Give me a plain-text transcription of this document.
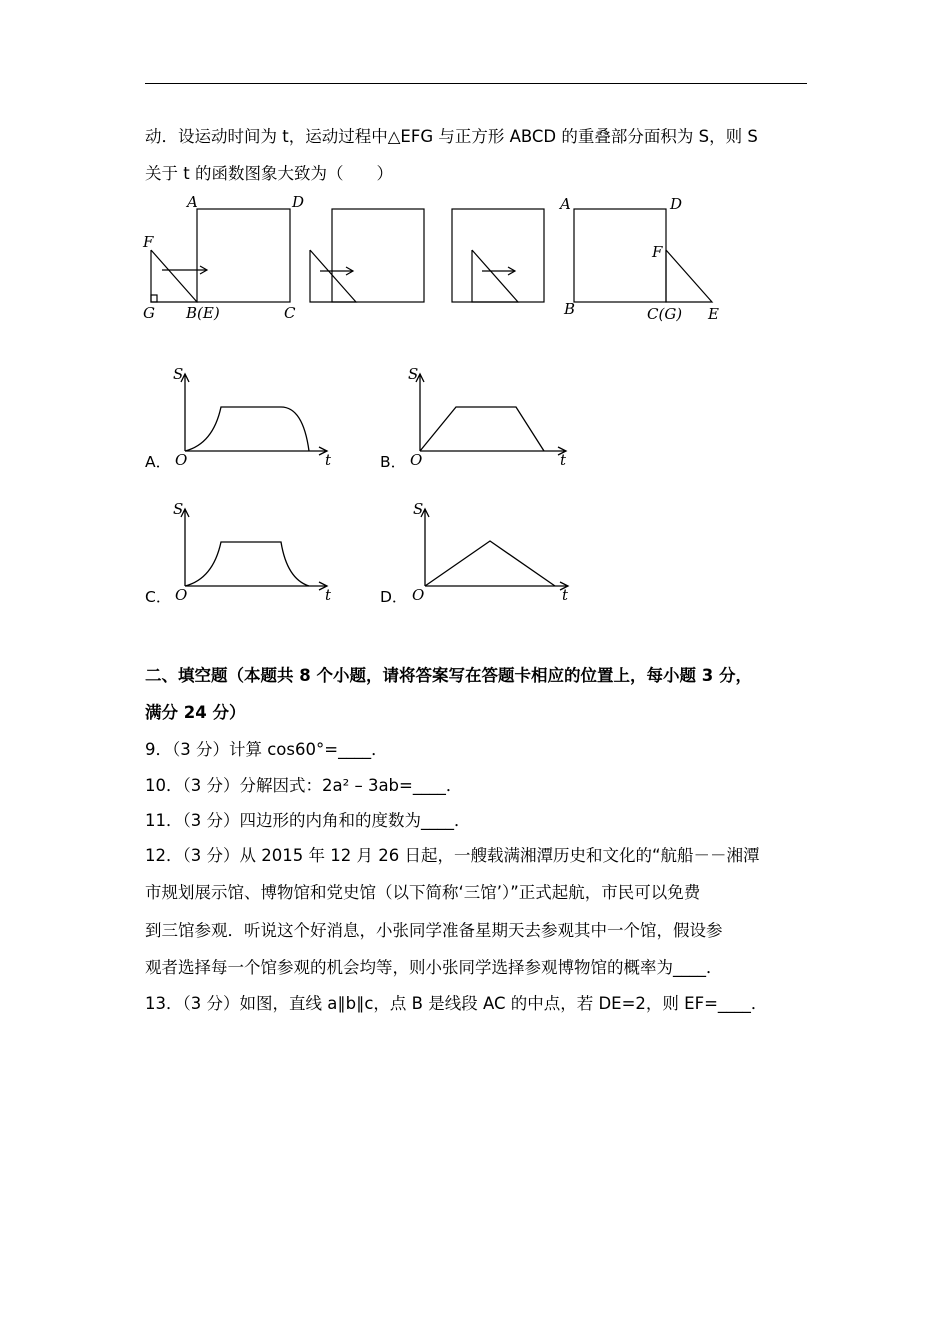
动．设运动时间为 t，运动过程中△EFG 与正方形 ABCD 的重叠部分面积为 S，则 S
关于 t 的函数图象大致为（　　）
A	D
F
G B(E)	C
A	D
F
B	C(G) E
A．
S
O	t	B．
S
O	t
C．
S
O	t	D．
S
O	t
二、填空题（本题共 8 个小题，请将答案写在答题卡相应的位置上，每小题 3 分，
满分 24 分）
9．（3 分）计算 cos60°=____．
10．（3 分）分解因式：2a² – 3ab=____．
11．（3 分）四边形的内角和的度数为____．
12．（3 分）从 2015 年 12 月 26 日起，一艘载满湘潭历史和文化的“航船－－湘潭
市规划展示馆、博物馆和党史馆（以下简称‘三馆’）”正式起航，市民可以免费
到三馆参观．听说这个好消息，小张同学准备星期天去参观其中一个馆，假设参
观者选择每一个馆参观的机会均等，则小张同学选择参观博物馆的概率为____．
13．（3 分）如图，直线 a∥b∥c，点 B 是线段 AC 的中点，若 DE=2，则 EF=____．
